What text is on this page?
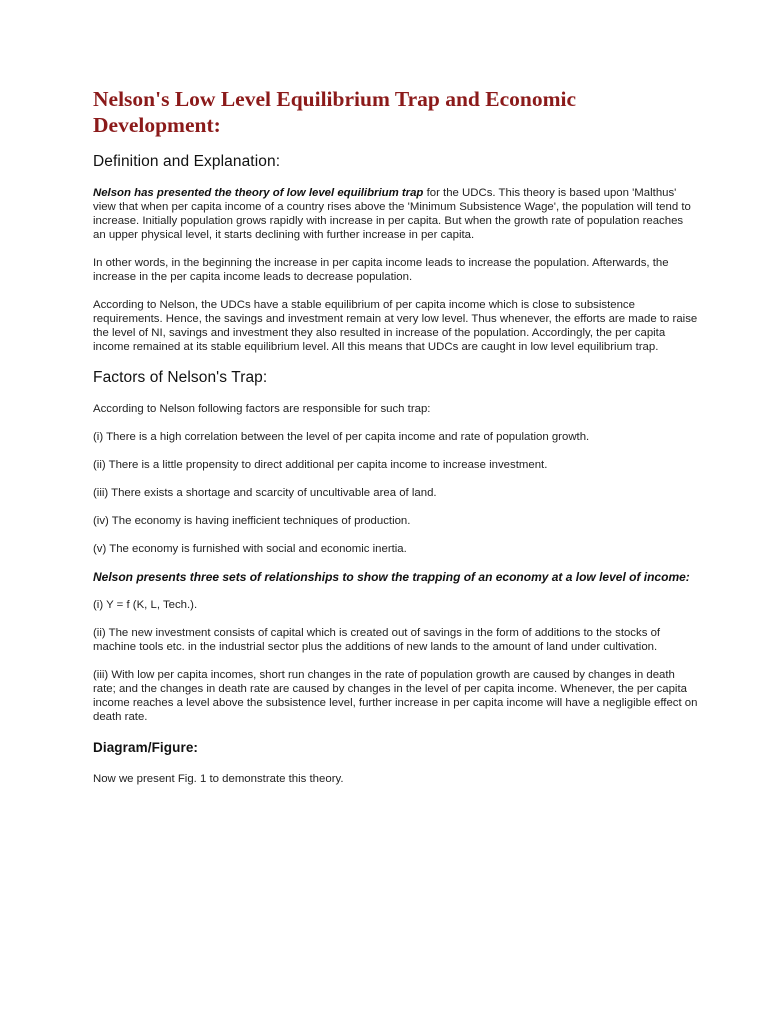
Nelson's Low Level Equilibrium Trap and Economic Development:
Definition and Explanation:

Nelson has presented the theory of low level equilibrium trap for the UDCs. This theory is based upon 'Malthus' view that when per capita income of a country rises above the 'Minimum Subsistence Wage', the population will tend to increase. Initially population grows rapidly with increase in per capita. But when the growth rate of population reaches an upper physical level, it starts declining with further increase in per capita.

In other words, in the beginning the increase in per capita income leads to increase the population. Afterwards, the increase in the per capita income leads to decrease population.

According to Nelson, the UDCs have a stable equilibrium of per capita income which is close to subsistence requirements. Hence, the savings and investment remain at very low level. Thus whenever, the efforts are made to raise the level of NI, savings and investment they also resulted in increase of the population. Accordingly, the per capita income remained at its stable equilibrium level. All this means that UDCs are caught in low level equilibrium trap.

Factors of Nelson's Trap:

According to Nelson following factors are responsible for such trap:

(i) There is a high correlation between the level of per capita income and rate of population growth.

(ii) There is a little propensity to direct additional per capita income to increase investment.

(iii) There exists a shortage and scarcity of uncultivable area of land.

(iv) The economy is having inefficient techniques of production.

(v) The economy is furnished with social and economic inertia.

Nelson presents three sets of relationships to show the trapping of an economy at a low level of income:

(i) Y = f (K, L, Tech.).

(ii) The new investment consists of capital which is created out of savings in the form of additions to the stocks of machine tools etc. in the industrial sector plus the additions of new lands to the amount of land under cultivation.

(iii) With low per capita incomes, short run changes in the rate of population growth are caused by changes in death rate; and the changes in death rate are caused by changes in the level of per capita income. Whenever, the per capita income reaches a level above the subsistence level, further increase in per capita income will have a negligible effect on death rate.

Diagram/Figure:

Now we present Fig. 1 to demonstrate this theory.
